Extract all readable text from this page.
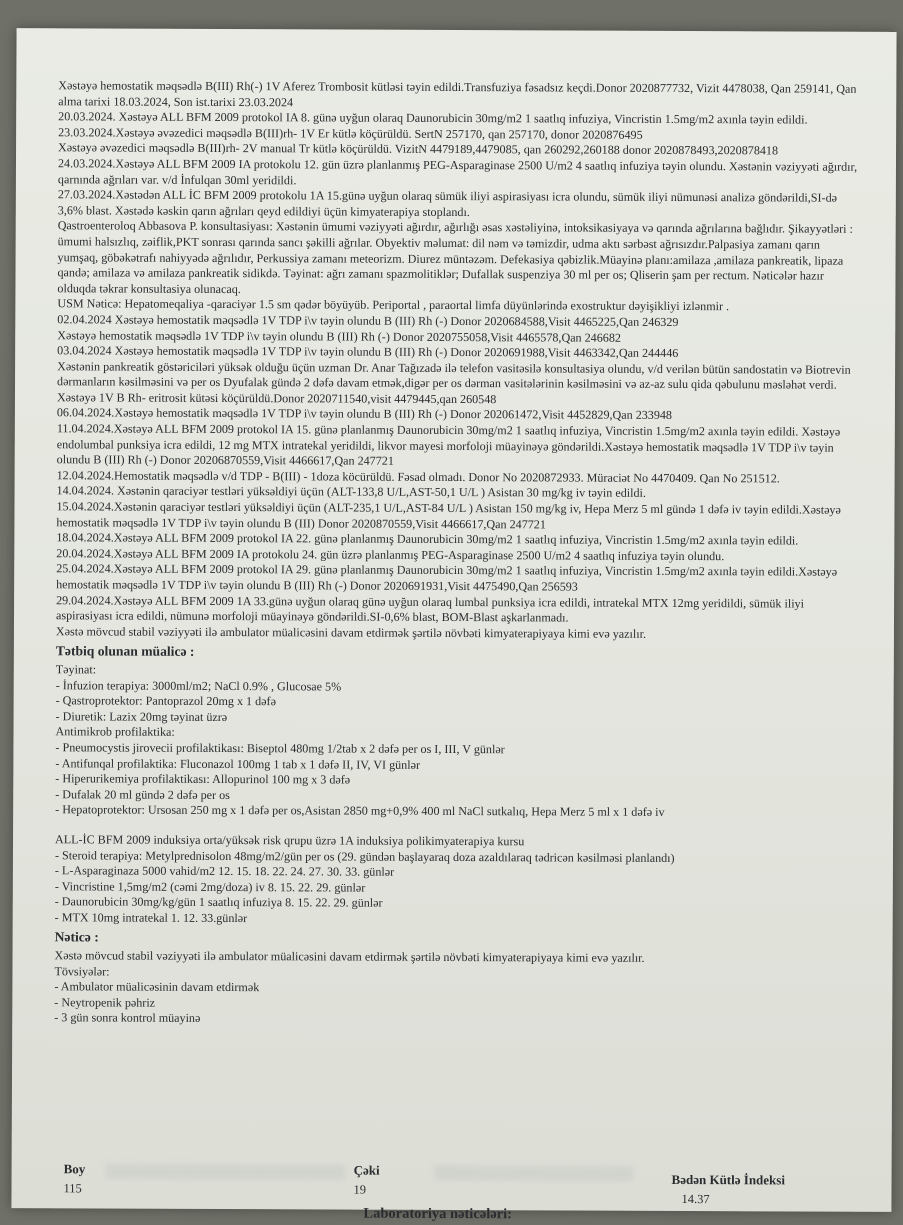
Xəstəyə hemostatik məqsədlə B(III) Rh(-) 1V Aferez Trombosit kütləsi təyin edildi.Transfuziya fəsadsız keçdi.Donor 2020877732, Vizit 4478038, Qan 259141, Qan alma tarixi 18.03.2024, Son ist.tarixi 23.03.2024

20.03.2024. Xəstəyə ALL BFM 2009 protokol IA 8. günə uyğun olaraq Daunorubicin 30mg/m2 1 saatlıq infuziya, Vincristin 1.5mg/m2 axınla təyin edildi.

23.03.2024.Xəstəyə əvəzedici məqsədlə B(III)rh- 1V Er kütlə köçürüldü. SertN 257170, qan 257170, donor 2020876495

Xəstəyə əvəzedici məqsədlə B(III)rh- 2V manual Tr kütlə köçürüldü. VizitN 4479189,4479085, qan 260292,260188 donor 2020878493,2020878418

24.03.2024.Xəstəyə ALL BFM 2009 IA protokolu 12. gün üzrə planlanmış PEG-Asparaginase 2500 U/m2 4 saatlıq infuziya təyin olundu. Xəstənin vəziyyəti ağırdır, qarnında ağrıları var. v/d İnfulqan 30ml yeridildi.

27.03.2024.Xəstədən ALL İC BFM 2009 protokolu 1A 15.günə uyğun olaraq sümük iliyi aspirasiyası icra olundu, sümük iliyi nümunəsi analizə göndərildi,SI-də 3,6% blast. Xəstədə kəskin qarın ağrıları qeyd edildiyi üçün kimyaterapiya stoplandı.

Qastroenteroloq Abbasova P. konsultasiyası: Xəstənin ümumi vəziyyəti ağırdır, ağırlığı əsas xəstəliyinə, intoksikasiyaya və qarında ağrılarına bağlıdır. Şikayyətləri : ümumi halsızlıq, zəiflik,PKT sonrası qarında sancı şəkilli ağrılar. Obyektiv məlumat: dil nəm və təmizdir, udma aktı sərbəst ağrısızdır.Palpasiya zamanı qarın yumşaq, göbəkətrafı nahiyyədə ağrılıdır, Perkussiya zamanı meteorizm. Diurez müntəzəm. Defekasiya qəbizlik.Müayinə planı:amilaza ,amilaza pankreatik, lipaza qandə; amilaza və amilaza pankreatik sidikdə. Təyinat: ağrı zamanı spazmolitiklər; Dufallak suspenziya 30 ml per os; Qliserin şam per rectum. Nəticələr hazır olduqda təkrar konsultasiya olunacaq.

USM Nəticə: Hepatomeqaliya -qaraciyər 1.5 sm qədər böyüyüb. Periportal , paraortal limfa düyünlərində exostruktur dəyişikliyi izlənmir .

02.04.2024 Xəstəyə hemostatik məqsədlə 1V TDP i\v təyin olundu B (III) Rh (-) Donor 2020684588,Visit 4465225,Qan 246329

Xəstəyə hemostatik məqsədlə 1V TDP i\v təyin olundu B (III) Rh (-) Donor 2020755058,Visit 4465578,Qan 246682

03.04.2024 Xəstəyə hemostatik məqsədlə 1V TDP i\v təyin olundu B (III) Rh (-) Donor 2020691988,Visit 4463342,Qan 244446

Xəstənin pankreatik göstəriciləri yüksək olduğu üçün uzman Dr. Anar Tağızadə ilə telefon vasitəsilə konsultasiya olundu, v/d verilən bütün sandostatin və Biotrevin dərmanların kəsilməsini və per os Dyufalak gündə 2 dəfə davam etmək,digər per os dərman vasitələrinin kəsilməsini və az-az sulu qida qəbulunu məsləhət verdi.

Xəstəyə 1V B Rh- eritrosit kütəsi köçürüldü.Donor 2020711540,visit 4479445,qan 260548

06.04.2024.Xəstəyə hemostatik məqsədlə 1V TDP i\v təyin olundu B (III) Rh (-) Donor 202061472,Visit 4452829,Qan 233948

11.04.2024.Xəstəyə ALL BFM 2009 protokol IA 15. günə planlanmış Daunorubicin 30mg/m2 1 saatlıq infuziya, Vincristin 1.5mg/m2 axınla təyin edildi. Xəstəyə endolumbal punksiya icra edildi, 12 mg MTX intratekal yeridildi, likvor mayesi morfoloji müayinəyə göndərildi.Xəstəyə hemostatik məqsədlə 1V TDP i\v təyin olundu B (III) Rh (-) Donor 20206870559,Visit 4466617,Qan 247721

12.04.2024.Hemostatik məqsədlə v/d TDP - B(III) - 1doza köcürüldü. Fəsad olmadı. Donor No 2020872933. Müraciət No 4470409. Qan No 251512.

14.04.2024. Xəstənin qaraciyər testləri yüksəldiyi üçün (ALT-133,8 U/L,AST-50,1 U/L ) Asistan 30 mg/kg iv təyin edildi.

15.04.2024.Xəstənin qaraciyər testləri yüksəldiyi üçün (ALT-235,1 U/L,AST-84 U/L ) Asistan 150 mg/kg iv, Hepa Merz 5 ml gündə 1 dəfə iv təyin edildi.Xəstəyə hemostatik məqsədlə 1V TDP i\v təyin olundu B (III) Donor 2020870559,Visit 4466617,Qan 247721

18.04.2024.Xəstəyə ALL BFM 2009 protokol IA 22. günə planlanmış Daunorubicin 30mg/m2 1 saatlıq infuziya, Vincristin 1.5mg/m2 axınla təyin edildi.

20.04.2024.Xəstəyə ALL BFM 2009 IA protokolu 24. gün üzrə planlanmış PEG-Asparaginase 2500 U/m2 4 saatlıq infuziya təyin olundu.

25.04.2024.Xəstəyə ALL BFM 2009 protokol IA 29. günə planlanmış Daunorubicin 30mg/m2 1 saatlıq infuziya, Vincristin 1.5mg/m2 axınla təyin edildi.Xəstəyə hemostatik məqsədlə 1V TDP i\v təyin olundu B (III) Rh (-) Donor 2020691931,Visit 4475490,Qan 256593

29.04.2024.Xəstəyə ALL BFM 2009 1A 33.günə uyğun olaraq günə uyğun olaraq lumbal punksiya icra edildi, intratekal MTX 12mg yeridildi, sümük iliyi aspirasiyası icra edildi, nümunə morfoloji müayinəyə göndərildi.SI-0,6% blast, BOM-Blast aşkarlanmadı.

Xəstə mövcud stabil vəziyyəti ilə ambulator müalicəsini davam etdirmək şərtilə növbəti kimyaterapiyaya kimi evə yazılır.

Tətbiq olunan müalicə :
Təyinat:
- İnfuzion terapiya: 3000ml/m2; NaCl 0.9% , Glucosae 5%
- Qastroprotektor: Pantoprazol 20mg x 1 dəfə
- Diuretik: Lazix 20mg təyinat üzrə
Antimikrob profilaktika:
- Pneumocystis jirovecii profilaktikası: Biseptol 480mg 1/2tab x 2 dəfə per os I, III, V günlər
- Antifunqal profilaktika: Fluconazol 100mg 1 tab x 1 dəfə II, IV, VI günlər
- Hiperurikemiya profilaktikası: Allopurinol 100 mg x 3 dəfə
- Dufalak 20 ml gündə 2 dəfə per os
- Hepatoprotektor: Ursosan 250 mg x 1 dəfə per os,Asistan 2850 mg+0,9% 400 ml NaCl sutkalıq, Hepa Merz 5 ml x 1 dəfə iv
ALL-İC BFM 2009 induksiya orta/yüksək risk qrupu üzrə 1A induksiya polikimyaterapiya kursu
- Steroid terapiya: Metylprednisolon 48mg/m2/gün per os (29. gündən başlayaraq doza azaldılaraq tədricən kəsilməsi planlandı)
- L-Asparaginaza 5000 vahid/m2 12. 15. 18. 22. 24. 27. 30. 33. günlər
- Vincristine 1,5mg/m2 (cəmi 2mg/doza) iv 8. 15. 22. 29. günlər
- Daunorubicin 30mg/kg/gün 1 saatlıq infuziya 8. 15. 22. 29. günlər
- MTX 10mg intratekal 1. 12. 33.günlər
Nəticə :
Xəstə mövcud stabil vəziyyəti ilə ambulator müalicəsini davam etdirmək şərtilə növbəti kimyaterapiyaya kimi evə yazılır.
Tövsiyələr:
- Ambulator müalicəsinin davam etdirmək
- Neytropenik pəhriz
- 3 gün sonra kontrol müayinə
Boy
115
Çəki
19
Bədən Kütlə İndeksi
14.37
Laboratoriya nəticələri:
